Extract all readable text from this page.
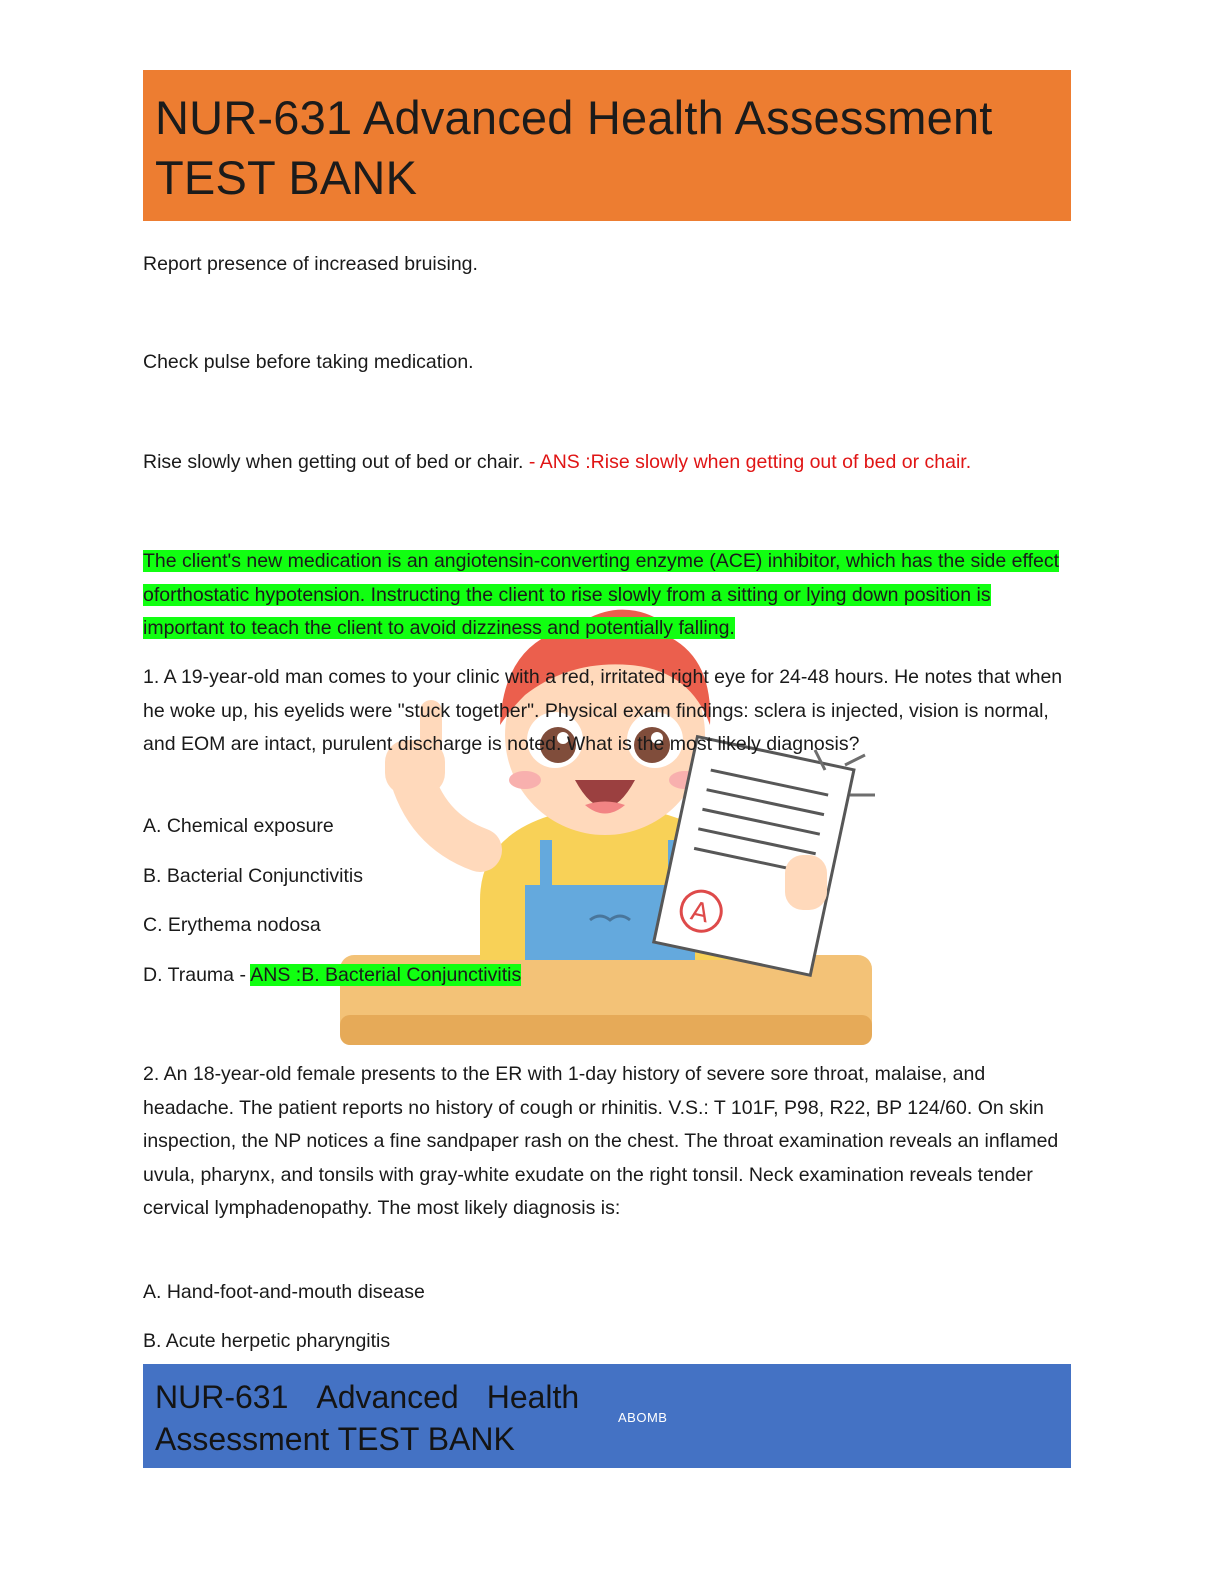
NUR-631 Advanced Health Assessment
TEST BANK
A
Report presence of increased bruising.
Check pulse before taking medication.
Rise slowly when getting out of bed or chair. - ANS :Rise slowly when getting out of bed or chair.
The client's new medication is an angiotensin-converting enzyme (ACE) inhibitor, which has the side effect oforthostatic hypotension. Instructing the client to rise slowly from a sitting or lying down position is important to teach the client to avoid dizziness and potentially falling.
1. A 19-year-old man comes to your clinic with a red, irritated right eye for 24-48 hours. He notes that when he woke up, his eyelids were "stuck together". Physical exam findings: sclera is injected, vision is normal, and EOM are intact, purulent discharge is noted. What is the most likely diagnosis?
A. Chemical exposure
B. Bacterial Conjunctivitis
C. Erythema nodosa
D. Trauma - ANS :B. Bacterial Conjunctivitis
2. An 18-year-old female presents to the ER with 1-day history of severe sore throat, malaise, and headache. The patient reports no history of cough or rhinitis. V.S.: T 101F, P98, R22, BP 124/60. On skin inspection, the NP notices a fine sandpaper rash on the chest. The throat examination reveals an inflamed uvula, pharynx, and tonsils with gray-white exudate on the right tonsil. Neck examination reveals tender cervical lymphadenopathy. The most likely diagnosis is:
A. Hand-foot-and-mouth disease
B. Acute herpetic pharyngitis
NUR-631 Advanced Health
Assessment TEST BANK
ABOMB
